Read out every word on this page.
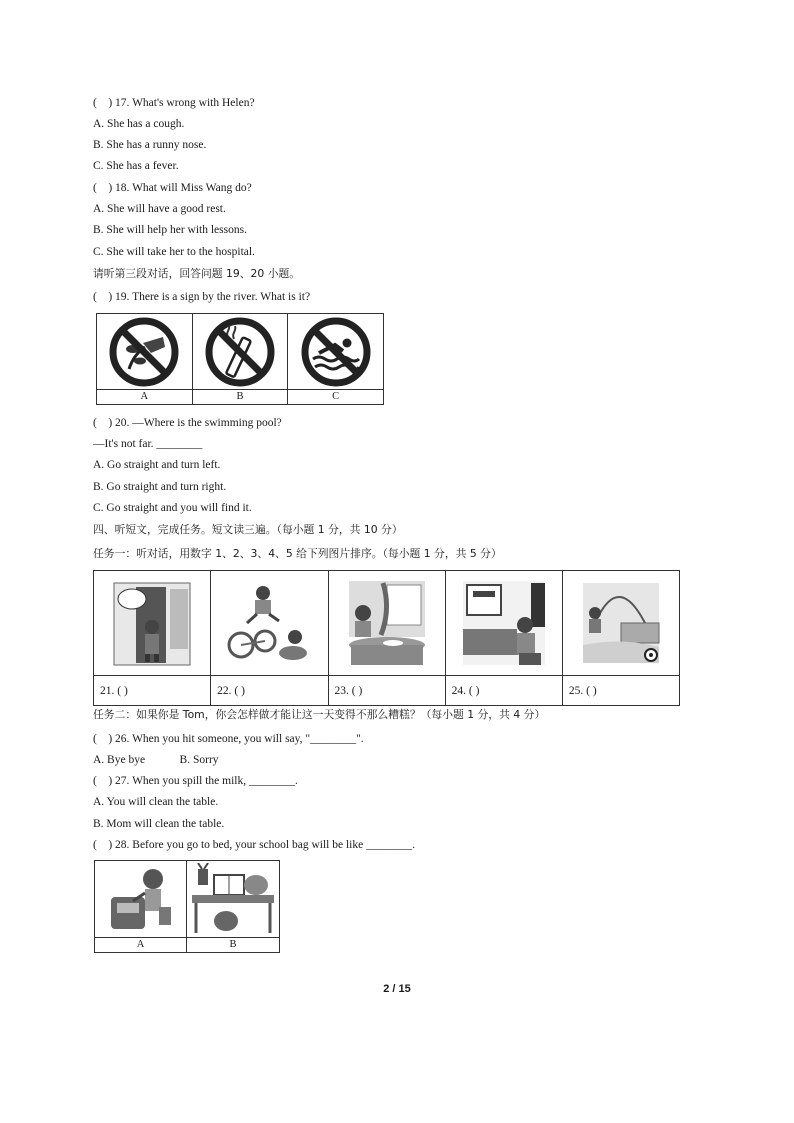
(    ) 17. What's wrong with Helen?
A. She has a cough.
B. She has a runny nose.
C. She has a fever.
(    ) 18. What will Miss Wang do?
A. She will have a good rest.
B. She will help her with lessons.
C. She will take her to the hospital.
请听第三段对话，回答问题 19、20 小题。
(    ) 19. There is a sign by the river. What is it?

A	B	C
(    ) 20. —Where is the swimming pool?
—It's not far. ________
A. Go straight and turn left.
B. Go straight and turn right.
C. Go straight and you will find it.
四、听短文，完成任务。短文读三遍。（每小题 1 分，共 10 分）
任务一：听对话，用数字 1、2、3、4、5 给下列图片排序。（每小题 1 分，共 5 分）

21. ( )	22. ( )	23. ( )	24. ( )	25. ( )
任务二：如果你是 Tom，你会怎样做才能让这一天变得不那么糟糕？（每小题 1 分，共 4 分）
(    ) 26. When you hit someone, you will say, "________".
A. Bye bye            B. Sorry
(    ) 27. When you spill the milk, ________.
A. You will clean the table.
B. Mom will clean the table.
(    ) 28. Before you go to bed, your school bag will be like ________.

A	B
2 / 15
